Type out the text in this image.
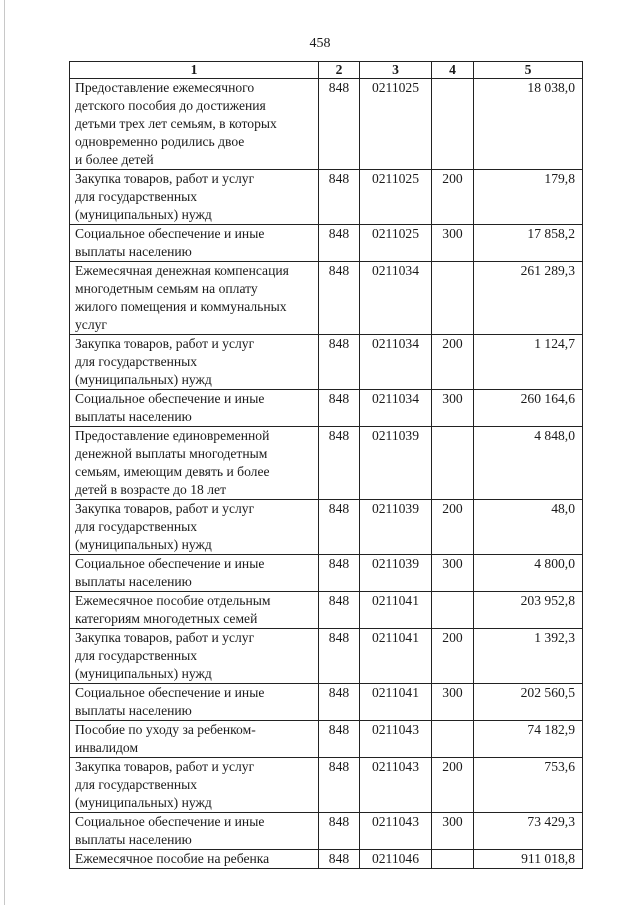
458
1	2	3	4	5

Предоставление ежемесячного
детского пособия до достижения
детьми трех лет семьям, в которых
одновременно родились двое
и более детей	848	0211025		18 038,0

Закупка товаров, работ и услуг
для государственных
(муниципальных) нужд	848	0211025	200	179,8

Социальное обеспечение и иные
выплаты населению	848	0211025	300	17 858,2

Ежемесячная денежная компенсация
многодетным семьям на оплату
жилого помещения и коммунальных
услуг	848	0211034		261 289,3

Закупка товаров, работ и услуг
для государственных
(муниципальных) нужд	848	0211034	200	1 124,7

Социальное обеспечение и иные
выплаты населению	848	0211034	300	260 164,6

Предоставление единовременной
денежной выплаты многодетным
семьям, имеющим девять и более
детей в возрасте до 18 лет	848	0211039		4 848,0

Закупка товаров, работ и услуг
для государственных
(муниципальных) нужд	848	0211039	200	48,0

Социальное обеспечение и иные
выплаты населению	848	0211039	300	4 800,0

Ежемесячное пособие отдельным
категориям многодетных семей	848	0211041		203 952,8

Закупка товаров, работ и услуг
для государственных
(муниципальных) нужд	848	0211041	200	1 392,3

Социальное обеспечение и иные
выплаты населению	848	0211041	300	202 560,5

Пособие по уходу за ребенком-
инвалидом	848	0211043		74 182,9

Закупка товаров, работ и услуг
для государственных
(муниципальных) нужд	848	0211043	200	753,6

Социальное обеспечение и иные
выплаты населению	848	0211043	300	73 429,3

Ежемесячное пособие на ребенка	848	0211046		911 018,8
